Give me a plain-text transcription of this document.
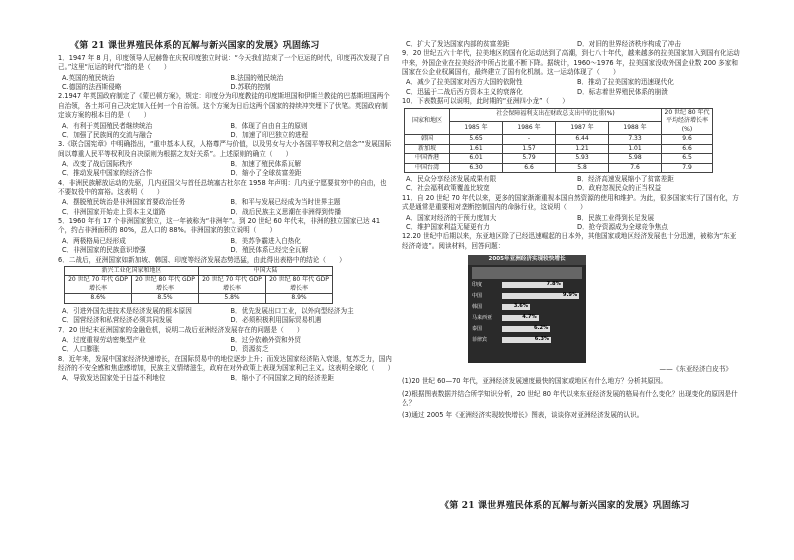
《第 21 课世界殖民体系的瓦解与新兴国家的发展》巩固练习
1．1947 年 8 月，印度领导人尼赫鲁在庆祝印度独立时说：“今天我们结束了一个厄运的时代，印度再次发现了自己。”这里“厄运的时代”指的是（　　）
A.英国的殖民统治	B.法国的殖民统治
C.德国的法西斯侵略	D.苏联的控制
2.1947 年英国政府制定了《蒙巴顿方案》，规定：印度分为印度教徒的印度斯坦国和伊斯兰教徒的巴基斯坦国两个自治领，各土邦可自己决定加入任何一个自治领。这个方案为日后这两个国家的持续冲突埋下了伏笔。英国政府制定该方案的根本目的是（　　）
A．有利于英国殖民者继续统治	B．体现了自由自主的原则
C．加强了民族间的交流与融合	D．加速了印巴独立的进程
3.《联合国宪章》中明确指出，“重申基本人权，人格尊严与价值，以及男女与大小各国平等权利之信念”“发展国际间以尊重人民平等权利及自决原则为根据之友好关系”。上述原则的确立（　　）
A．改变了战后国际秩序	B．加速了殖民体系瓦解
C．推动发展中国家的经济合作	D．缩小了全球贫富差距
4．非洲民族解放运动的先驱，几内亚国父与首任总统塞古杜尔在 1958 年声明：几内亚宁愿要贫穷中的自由，也不要奴役中的富裕。这表明（　　）
A．摆脱殖民统治是非洲国家首要政治任务	B．和平与发展已经成为当时世界主题
C．非洲国家开始走上资本主义道路	D．战后民族主义思潮在非洲得到传播
5．1960 年有 17 个非洲国家独立，这一年被称为“非洲年”。到 20 世纪 60 年代末，非洲的独立国家已达 41 个，约占非洲面积的 80%，总人口的 88%。非洲国家的独立说明（　　）
A．两极格局已经形成	B．美苏争霸进入白热化
C．非洲国家的民族意识增强	D．殖民体系已经完全瓦解
6．二战后，亚洲国家如新加坡、韩国、印度等经济发展态势迅猛，由此得出表格中的结论（　　）
新兴工业化国家和地区		中国大陆	
20 世纪 70 年代 GDP 增长率	20 世纪 80 年代 GDP 增长率	20 世纪 70 年代 GDP 增长率	20 世纪 80 年代 GDP 增长率
8.6%	8.5%	5.8%	8.9%
A．引进外国先进技术是经济发展的根本原因	B．优先发展出口工业，以外向型经济为主
C．国营经济和私营经济必须共同发展	D．必须积极利用国际贸易机遇
7．20 世纪末亚洲国家的金融危机，说明二战后亚洲经济发展存在的问题是（　　）
A．过度重视劳动密集型产业	B．过分依赖外资和外贸
C．人口膨胀	D．资源贫乏
8．近年来，发展中国家经济快速增长，在国际贸易中的地位逐步上升；而发达国家经济陷入衰退，复苏乏力，国内经济的不安全感和焦虑感增加，民族主义情绪滋生，政府在对外政策上表现为国家利己主义。这表明全球化（　　）
A．导致发达国家处于日益不利地位	B．缩小了不同国家之间的经济差距
C．扩大了发达国家内部的贫富差距	D．对旧的世界经济秩序构成了冲击
9．20 世纪五六十年代，拉美地区的国有化运动达到了高潮，到七八十年代，越来越多的拉美国家加入到国有化运动中来，外国企业在拉美经济中所占比重不断下降。据统计，1960～1976 年，拉美国家没收外国企业数 200 多家和国家在公企业权属国有，最终建立了国有化机制。这一运动体现了（　　）
A．减少了拉美国家对西方大国的依附性	B．推动了拉美国家的迅速现代化
C．迅猛于二战后西方资本主义的衰落化	D．标志着世界殖民体系的崩溃
10．下表数据可以说明，此时期的“亚洲四小龙”（　　）
国家和地区	社会保障福利支出在财政总支出中的比重(%)				20 世纪 80 年代平均经济增长率(%)
	1985 年	1986 年	1987 年	1988 年	
韩国	5.65	-	6.44	7.33	9.6
新加坡	1.61	1.57	1.21	1.01	6.6
中国香港	6.01	5.79	5.93	5.98	6.5
中国台湾	6.30	6.6	5.8	7.6	7.9
A．民众分享经济发展成果有限	B．经济高速发展缩小了贫富差距
C．社会福利政策覆盖比较宽	D．政府忽视民众的正当权益
11．自 20 世纪 70 年代以来，更多的国家渐渐重视本国自然资源的使用和维护。为此，很多国家实行了国有化，方式是通常是重要相对垄断控制国内的命脉行业，这说明（　　）
A．国家对经济的干预力度加大	B．民族工业得到长足发展
C．维护国家利益无疑更有力	D．抢夺资源成为全球竞争焦点
12.20 世纪中后期以来，东亚地区除了已经迅速崛起的日本外，其他国家或地区经济发展也十分迅速，被称为“东亚经济奇迹”。阅读材料，回答问题：
2005年亚洲经济实现较快增长
印度	7.8%
中国	9.9%
韩国	3.6%
马来西亚	4.7%
泰国	6.2%
菲律宾	6.3%
——《东亚经济白皮书》
(1)20 世纪 60—70 年代，亚洲经济发展速度最快的国家或地区有什么地方？分析其原因。
(2)根据图表数据并结合所学知识分析，20 世纪 80 年代以来东亚经济发展的格局有什么变化？出现变化的原因是什么？
(3)通过 2005 年《亚洲经济实现较快增长》图表，谈谈你对亚洲经济发展的认识。
《第 21 课世界殖民体系的瓦解与新兴国家的发展》巩固练习
